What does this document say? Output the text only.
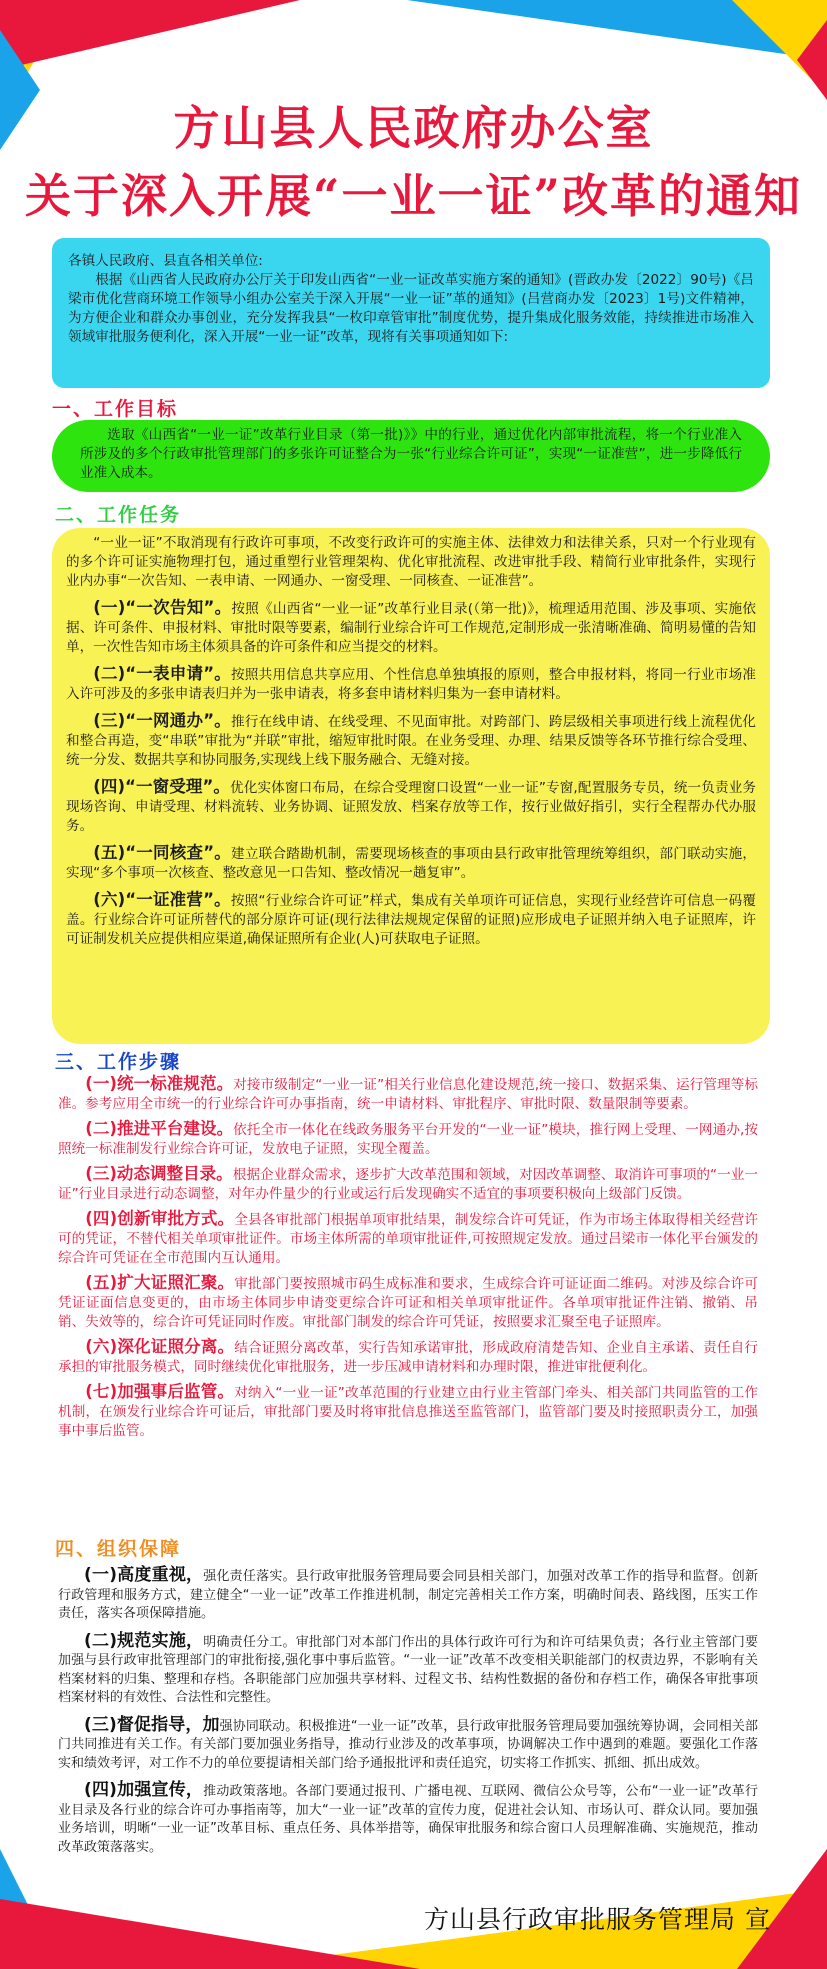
方山县人民政府办公室
关于深入开展“一业一证”改革的通知
各镇人民政府、县直各相关单位:
根据《山西省人民政府办公厅关于印发山西省“一业一证改革实施方案的通知》(晋政办发〔2022〕90号)《吕梁市优化营商环境工作领导小组办公室关于深入开展“一业一证”革的通知》(吕营商办发〔2023〕1号)文件精神，为方便企业和群众办事创业，充分发挥我县“一枚印章管审批”制度优势，提升集成化服务效能，持续推进市场准入领域审批服务便利化，深入开展“一业一证”改革，现将有关事项通知如下:
一、工作目标
选取《山西省“一业一证”改革行业目录（第一批)》》中的行业，通过优化内部审批流程，将一个行业准入所涉及的多个行政审批管理部门的多张许可证整合为一张“行业综合许可证”，实现“一证准营”，进一步降低行业准入成本。
二、工作任务
“一业一证”不取消现有行政许可事项，不改变行政许可的实施主体、法律效力和法律关系，只对一个行业现有的多个许可证实施物理打包，通过重塑行业管理架构、优化审批流程、改进审批手段、精简行业审批条件，实现行业内办事“一次告知、一表申请、一网通办、一窗受理、一同核查、一证准营”。
(一)“一次告知”。按照《山西省“一业一证”改革行业目录(（第一批)》，梳理适用范围、涉及事项、实施依据、许可条件、申报材料、审批时限等要素，编制行业综合许可工作规范,定制形成一张清晰准确、简明易懂的告知单，一次性告知市场主体须具备的许可条件和应当提交的材料。
(二)“一表申请”。按照共用信息共享应用、个性信息单独填报的原则，整合申报材料，将同一行业市场准入许可涉及的多张申请表归并为一张申请表，将多套申请材料归集为一套申请材料。
(三)“一网通办”。推行在线申请、在线受理、不见面审批。对跨部门、跨层级相关事项进行线上流程优化和整合再造，变“串联”审批为“并联”审批，缩短审批时限。在业务受理、办理、结果反馈等各环节推行综合受理、统一分发、数据共享和协同服务,实现线上线下服务融合、无缝对接。
(四)“一窗受理”。优化实体窗口布局，在综合受理窗口设置“一业一证”专窗,配置服务专员，统一负责业务现场咨询、申请受理、材料流转、业务协调、证照发放、档案存放等工作，按行业做好指引，实行全程帮办代办服务。
(五)“一同核查”。建立联合踏勘机制，需要现场核查的事项由县行政审批管理统筹组织，部门联动实施，实现“多个事项一次核查、整改意见一口告知、整改情况一趟复审”。
(六)“一证准营”。按照“行业综合许可证”样式，集成有关单项许可证信息，实现行业经营许可信息一码覆盖。行业综合许可证所替代的部分原许可证(现行法律法规规定保留的证照)应形成电子证照并纳入电子证照库，许可证制发机关应提供相应渠道,确保证照所有企业(人)可获取电子证照。
三、工作步骤
(一)统一标准规范。对接市级制定“一业一证”相关行业信息化建设规范,统一接口、数据采集、运行管理等标准。参考应用全市统一的行业综合许可办事指南，统一申请材料、审批程序、审批时限、数量限制等要素。
(二)推进平台建设。依托全市一体化在线政务服务平台开发的“一业一证”模块，推行网上受理、一网通办,按照统一标准制发行业综合许可证，发放电子证照，实现全覆盖。
(三)动态调整目录。根据企业群众需求，逐步扩大改革范围和领域，对因改革调整、取消许可事项的“一业一证”行业目录进行动态调整，对年办件量少的行业或运行后发现确实不适宜的事项要积极向上级部门反馈。
(四)创新审批方式。全县各审批部门根据单项审批结果，制发综合许可凭证，作为市场主体取得相关经营许可的凭证，不替代相关单项审批证件。市场主体所需的单项审批证件,可按照规定发放。通过吕梁市一体化平台颁发的综合许可凭证在全市范围内互认通用。
(五)扩大证照汇聚。审批部门要按照城市码生成标准和要求，生成综合许可证证面二维码。对涉及综合许可凭证证面信息变更的，由市场主体同步申请变更综合许可证和相关单项审批证件。各单项审批证件注销、撤销、吊销、失效等的，综合许可凭证同时作废。审批部门制发的综合许可凭证，按照要求汇聚至电子证照库。
(六)深化证照分离。结合证照分离改革，实行告知承诺审批，形成政府清楚告知、企业自主承诺、责任自行承担的审批服务模式，同时继续优化审批服务，进一步压减申请材料和办理时限，推进审批便利化。
(七)加强事后监管。对纳入“一业一证”改革范围的行业建立由行业主管部门牵头、相关部门共同监管的工作机制，在颁发行业综合许可证后，审批部门要及时将审批信息推送至监管部门，监管部门要及时接照职责分工，加强事中事后监管。
四、组织保障
(一)高度重视，强化责任落实。县行政审批服务管理局要会同县相关部门，加强对改革工作的指导和监督。创新行政管理和服务方式，建立健全“一业一证”改革工作推进机制，制定完善相关工作方案，明确时间表、路线图，压实工作责任，落实各项保障措施。
(二)规范实施，明确责任分工。审批部门对本部门作出的具体行政许可行为和许可结果负责；各行业主管部门要加强与县行政审批管理部门的审批衔接,强化事中事后监管。“一业一证”改革不改变相关职能部门的权责边界，不影响有关档案材料的归集、整理和存档。各职能部门应加强共享材料、过程文书、结构性数据的备份和存档工作，确保各审批事项档案材料的有效性、合法性和完整性。
(三)督促指导，加强协同联动。积极推进“一业一证”改革，县行政审批服务管理局要加强统筹协调，会同相关部门共同推进有关工作。有关部门要加强业务指导，推动行业涉及的改革事项，协调解决工作中遇到的难题。要强化工作落实和绩效考评，对工作不力的单位要提请相关部门给予通报批评和责任追究，切实将工作抓实、抓细、抓出成效。
(四)加强宣传，推动政策落地。各部门要通过报刊、广播电视、互联网、微信公众号等，公布“一业一证”改革行业目录及各行业的综合许可办事指南等，加大“一业一证”改革的宣传力度，促进社会认知、市场认可、群众认同。要加强业务培训，明晰“一业一证”改革目标、重点任务、具体举措等，确保审批服务和综合窗口人员理解准确、实施规范，推动改革政策落落实。
方山县行政审批服务管理局 宣
